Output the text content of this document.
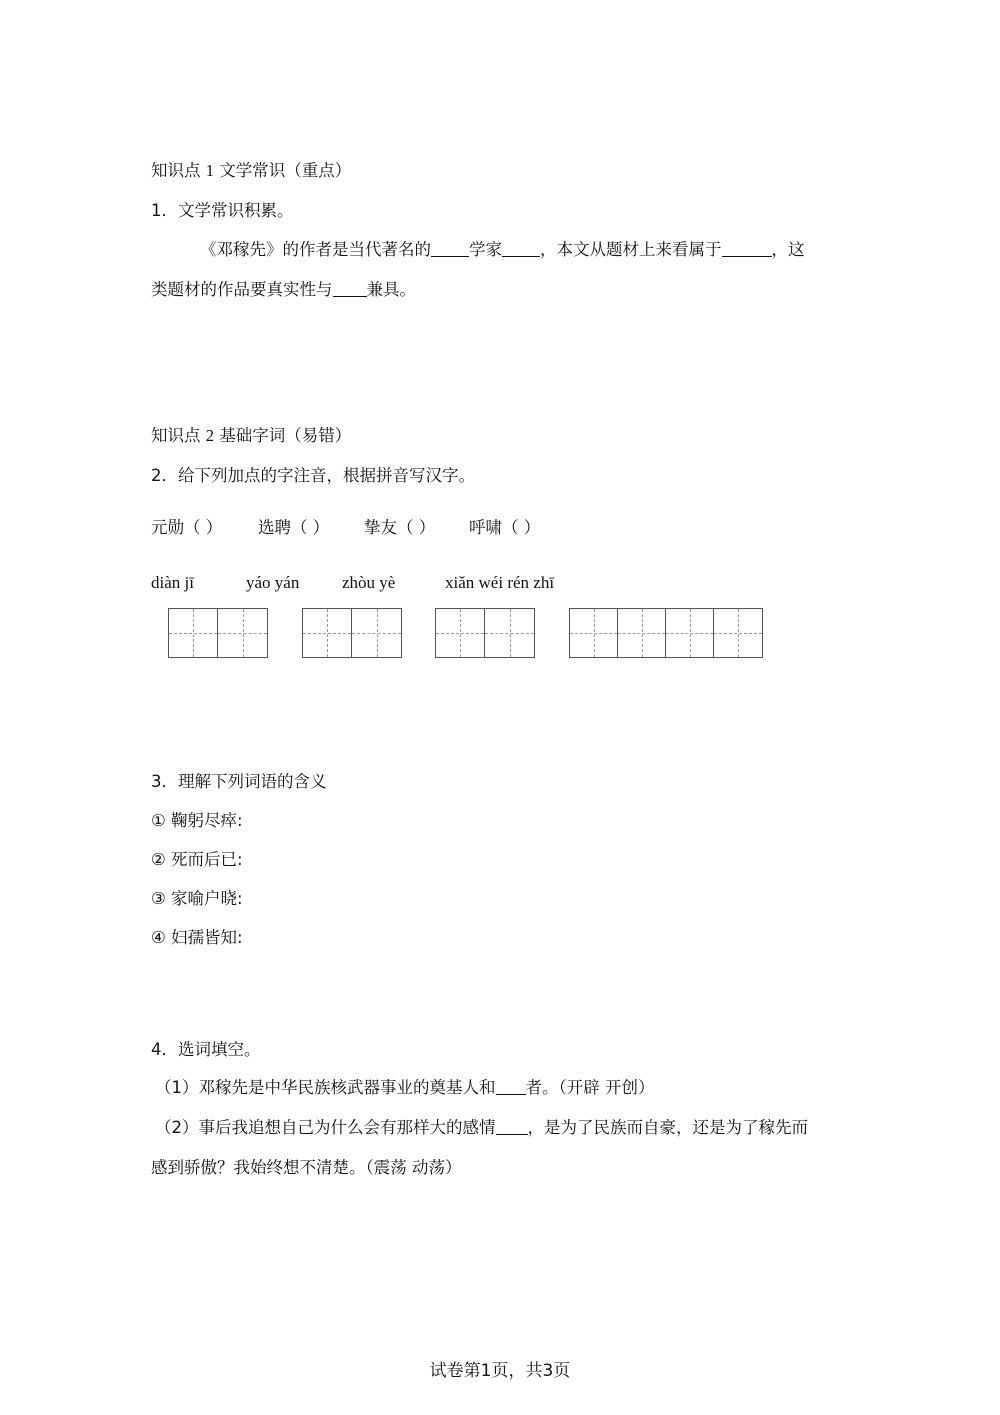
知识点 1 文学常识（重点）
1．文学常识积累。
《邓稼先》的作者是当代著名的 学家 ，本文从题材上来看属于	，这
类题材的作品要真实性与 兼具。
知识点 2 基础字词（易错）
2．给下列加点的字注音，根据拼音写汉字。
元勋（ ） 选聘（ ） 挚友（ ） 呼啸（ ）
diàn jī	yáo yán	zhòu yè	xiǎn wéi rén zhī
3．理解下列词语的含义
① 鞠躬尽瘁:
② 死而后已:
③ 家喻户晓:
④ 妇孺皆知:
4．选词填空。
（1）邓稼先是中华民族核武器事业的奠基人和 者。（开辟 开创）
（2）事后我追想自己为什么会有那样大的感情 ，是为了民族而自豪，还是为了稼先而
感到骄傲？我始终想不清楚。（震荡 动荡）
试卷第1页，共3页
